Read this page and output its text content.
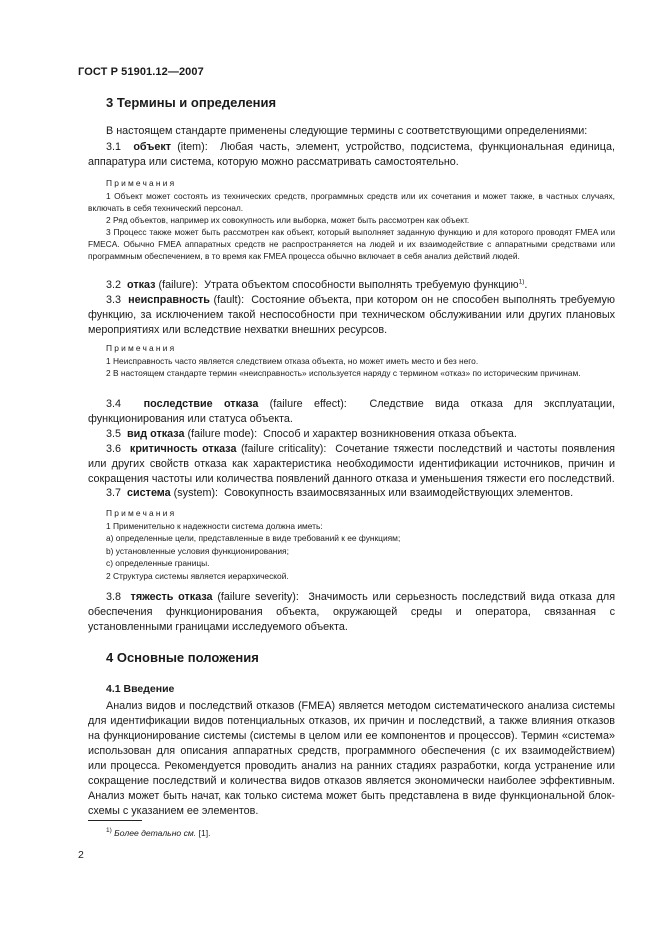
ГОСТ Р 51901.12—2007
3 Термины и определения
В настоящем стандарте применены следующие термины с соответствующими определениями:

3.1 объект (item): Любая часть, элемент, устройство, подсистема, функциональная единица, аппаратура или система, которую можно рассматривать самостоятельно.

Примечания

1 Объект может состоять из технических средств, программных средств или их сочетания и может также, в частных случаях, включать в себя технический персонал.

2 Ряд объектов, например их совокупность или выборка, может быть рассмотрен как объект.

3 Процесс также может быть рассмотрен как объект, который выполняет заданную функцию и для которого проводят FMEA или FMECA. Обычно FMEA аппаратных средств не распространяется на людей и их взаимодействие с аппаратными средствами или программным обеспечением, в то время как FMEA процесса обычно включает в себя анализ действий людей.

3.2 отказ (failure): Утрата объектом способности выполнять требуемую функцию$^{1)}$.

3.3 неисправность (fault): Состояние объекта, при котором он не способен выполнять требуемую функцию, за исключением такой неспособности при техническом обслуживании или других плановых мероприятиях или вследствие нехватки внешних ресурсов.

Примечания

1 Неисправность часто является следствием отказа объекта, но может иметь место и без него.

2 В настоящем стандарте термин «неисправность» используется наряду с термином «отказ» по историческим причинам.

3.4 последствие отказа (failure effect): Следствие вида отказа для эксплуатации, функционирования или статуса объекта.

3.5 вид отказа (failure mode): Способ и характер возникновения отказа объекта.

3.6 критичность отказа (failure criticality): Сочетание тяжести последствий и частоты появления или других свойств отказа как характеристика необходимости идентификации источников, причин и сокращения частоты или количества появлений данного отказа и уменьшения тяжести его последствий.

3.7 система (system): Совокупность взаимосвязанных или взаимодействующих элементов.
Примечания
1 Применительно к надежности система должна иметь:
a) определенные цели, представленные в виде требований к ее функциям;
b) установленные условия функционирования;
c) определенные границы.
2 Структура системы является иерархической.

3.8 тяжесть отказа (failure severity): Значимость или серьезность последствий вида отказа для обеспечения функционирования объекта, окружающей среды и оператора, связанная с установленными границами исследуемого объекта.

4 Основные положения
4.1 Введение

Анализ видов и последствий отказов (FMEA) является методом систематического анализа системы для идентификации видов потенциальных отказов, их причин и последствий, а также влияния отказов на функционирование системы (системы в целом или ее компонентов и процессов). Термин «система» использован для описания аппаратных средств, программного обеспечения (с их взаимодействием) или процесса. Рекомендуется проводить анализ на ранних стадиях разработки, когда устранение или сокращение последствий и количества видов отказов является экономически наиболее эффективным. Анализ может быть начат, как только система может быть представлена в виде функциональной блок-схемы с указанием ее элементов.

$^{1)}$ Более детально см. [1].
2
